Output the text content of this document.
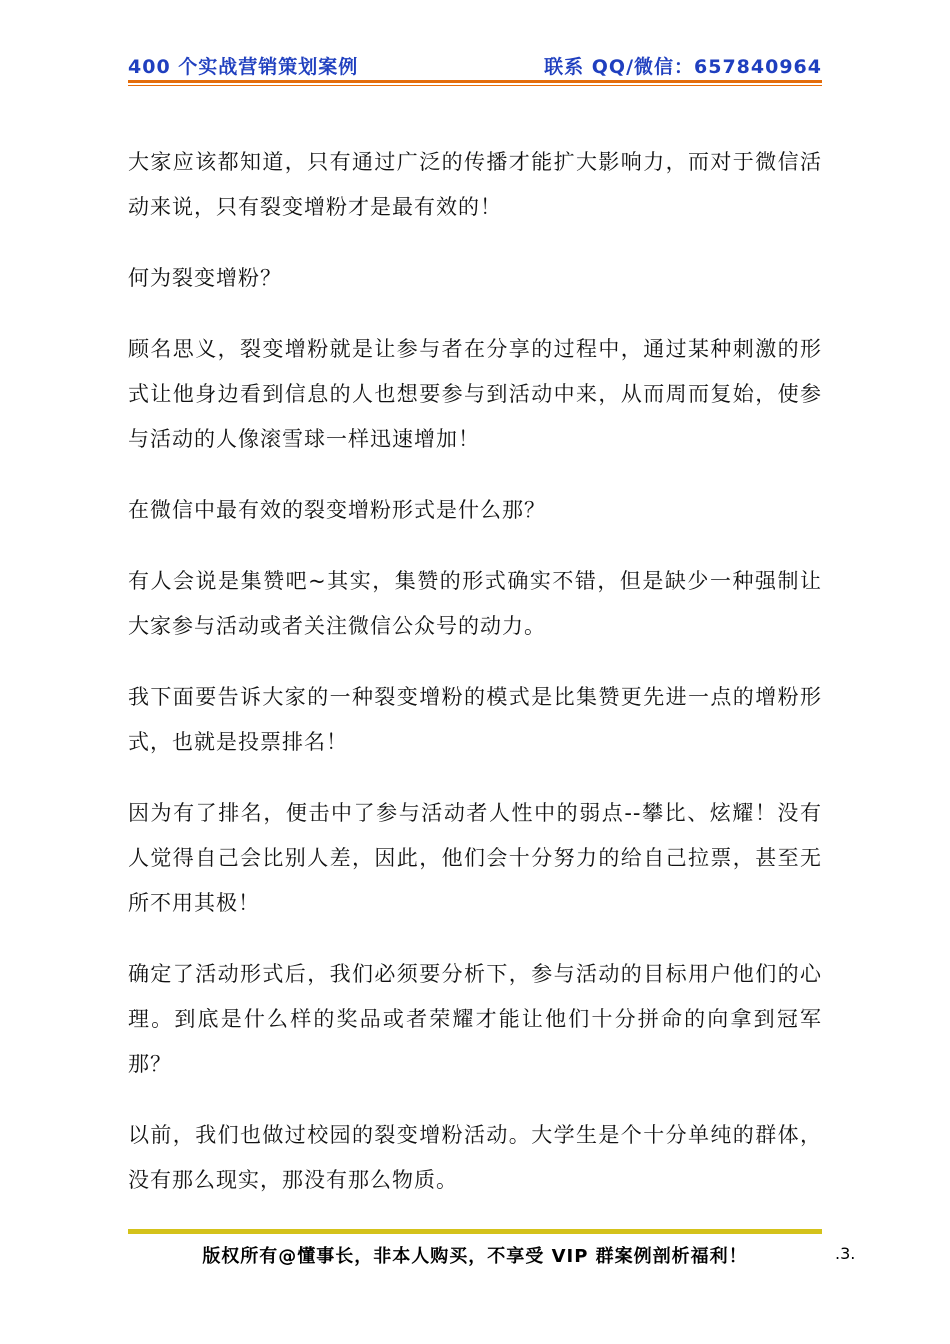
400 个实战营销策划案例	联系 QQ/微信：657840964

大家应该都知道，只有通过广泛的传播才能扩大影响力，而对于微信活动来说，只有裂变增粉才是最有效的！

何为裂变增粉？

顾名思义，裂变增粉就是让参与者在分享的过程中，通过某种刺激的形式让他身边看到信息的人也想要参与到活动中来，从而周而复始，使参与活动的人像滚雪球一样迅速增加！

在微信中最有效的裂变增粉形式是什么那？

有人会说是集赞吧~其实，集赞的形式确实不错，但是缺少一种强制让大家参与活动或者关注微信公众号的动力。

我下面要告诉大家的一种裂变增粉的模式是比集赞更先进一点的增粉形式，也就是投票排名！

因为有了排名，便击中了参与活动者人性中的弱点--攀比、炫耀！没有人觉得自己会比别人差，因此，他们会十分努力的给自己拉票，甚至无所不用其极！

确定了活动形式后，我们必须要分析下，参与活动的目标用户他们的心理。到底是什么样的奖品或者荣耀才能让他们十分拼命的向拿到冠军那？

以前，我们也做过校园的裂变增粉活动。大学生是个十分单纯的群体，没有那么现实，那没有那么物质。

版权所有@懂事长，非本人购买，不享受 VIP 群案例剖析福利！	.3.
